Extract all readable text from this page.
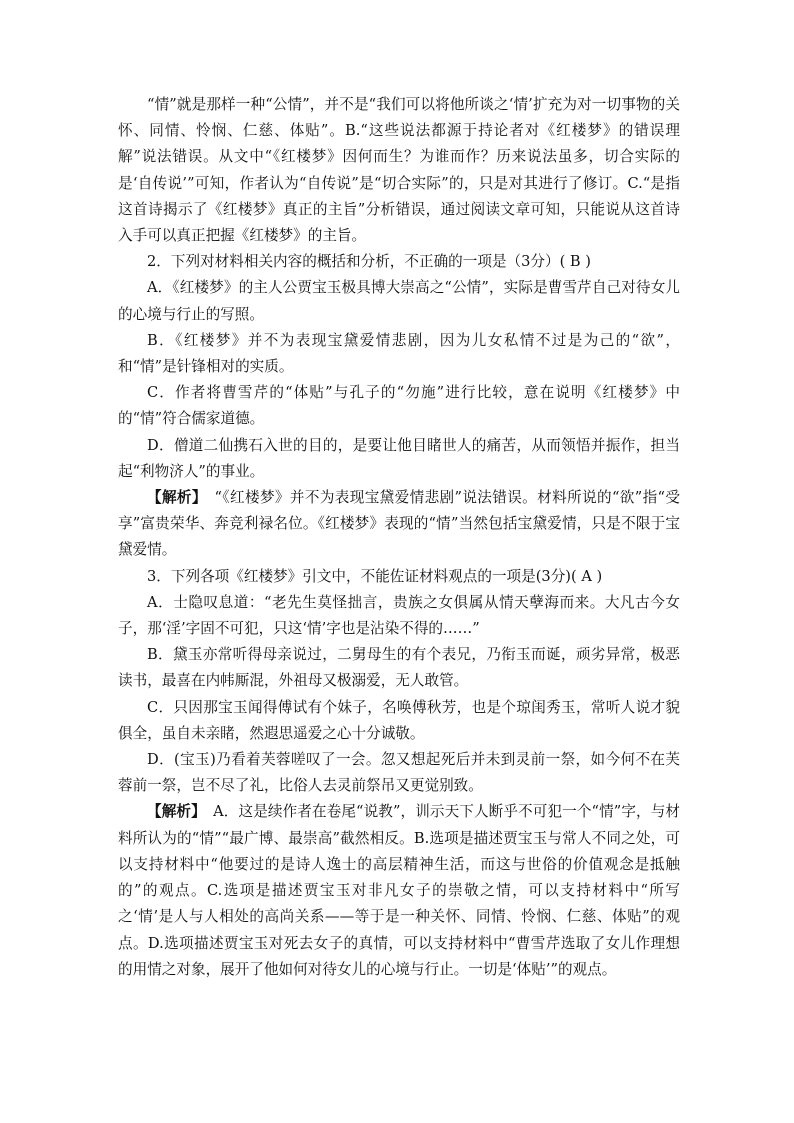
“情”就是那样一种“公情”，并不是“我们可以将他所谈之‘情’扩充为对一切事物的关怀、同情、怜悯、仁慈、体贴”。B.“这些说法都源于持论者对《红楼梦》的错误理解”说法错误。从文中“《红楼梦》因何而生？为谁而作？历来说法虽多，切合实际的是‘自传说’”可知，作者认为“自传说”是“切合实际”的，只是对其进行了修订。C.“是指这首诗揭示了《红楼梦》真正的主旨”分析错误，通过阅读文章可知，只能说从这首诗入手可以真正把握《红楼梦》的主旨。

2．下列对材料相关内容的概括和分析，不正确的一项是（3分）( B )

A．《红楼梦》的主人公贾宝玉极具博大崇高之“公情”，实际是曹雪芹自己对待女儿的心境与行止的写照。

B．《红楼梦》并不为表现宝黛爱情悲剧，因为儿女私情不过是为己的“欲”，和“情”是针锋相对的实质。

C．作者将曹雪芹的“体贴”与孔子的“勿施”进行比较，意在说明《红楼梦》中的“情”符合儒家道德。

D．僧道二仙携石入世的目的，是要让他目睹世人的痛苦，从而领悟并振作，担当起“利物济人”的事业。

【解析】　 “《红楼梦》并不为表现宝黛爱情悲剧”说法错误。材料所说的“欲”指“受享”富贵荣华、奔竞利禄名位。《红楼梦》表现的“情”当然包括宝黛爱情，只是不限于宝黛爱情。

3．下列各项《红楼梦》引文中，不能佐证材料观点的一项是(3分)( A )

A．士隐叹息道：“老先生莫怪拙言，贵族之女俱属从情天孽海而来。大凡古今女子，那‘淫’字固不可犯，只这‘情’字也是沾染不得的……”

B．黛玉亦常听得母亲说过，二舅母生的有个表兄，乃衔玉而诞，顽劣异常，极恶读书，最喜在内帏厮混，外祖母又极溺爱，无人敢管。

C．只因那宝玉闻得傅试有个妹子，名唤傅秋芳，也是个琼闺秀玉，常听人说才貌俱全，虽自未亲睹，然遐思遥爱之心十分诚敬。

D．(宝玉)乃看着芙蓉嗟叹了一会。忽又想起死后并未到灵前一祭，如今何不在芙蓉前一祭，岂不尽了礼，比俗人去灵前祭吊又更觉别致。

【解析】　 A．这是续作者在卷尾“说教”，训示天下人断乎不可犯一个“情”字，与材料所认为的“情”“最广博、最崇高”截然相反。B.选项是描述贾宝玉与常人不同之处，可以支持材料中“他要过的是诗人逸士的高层精神生活，而这与世俗的价值观念是抵触的”的观点。C.选项是描述贾宝玉对非凡女子的崇敬之情，可以支持材料中“所写之‘情’是人与人相处的高尚关系——等于是一种关怀、同情、怜悯、仁慈、体贴”的观点。D.选项描述贾宝玉对死去女子的真情，可以支持材料中“曹雪芹选取了女儿作理想的用情之对象，展开了他如何对待女儿的心境与行止。一切是‘体贴’”的观点。
